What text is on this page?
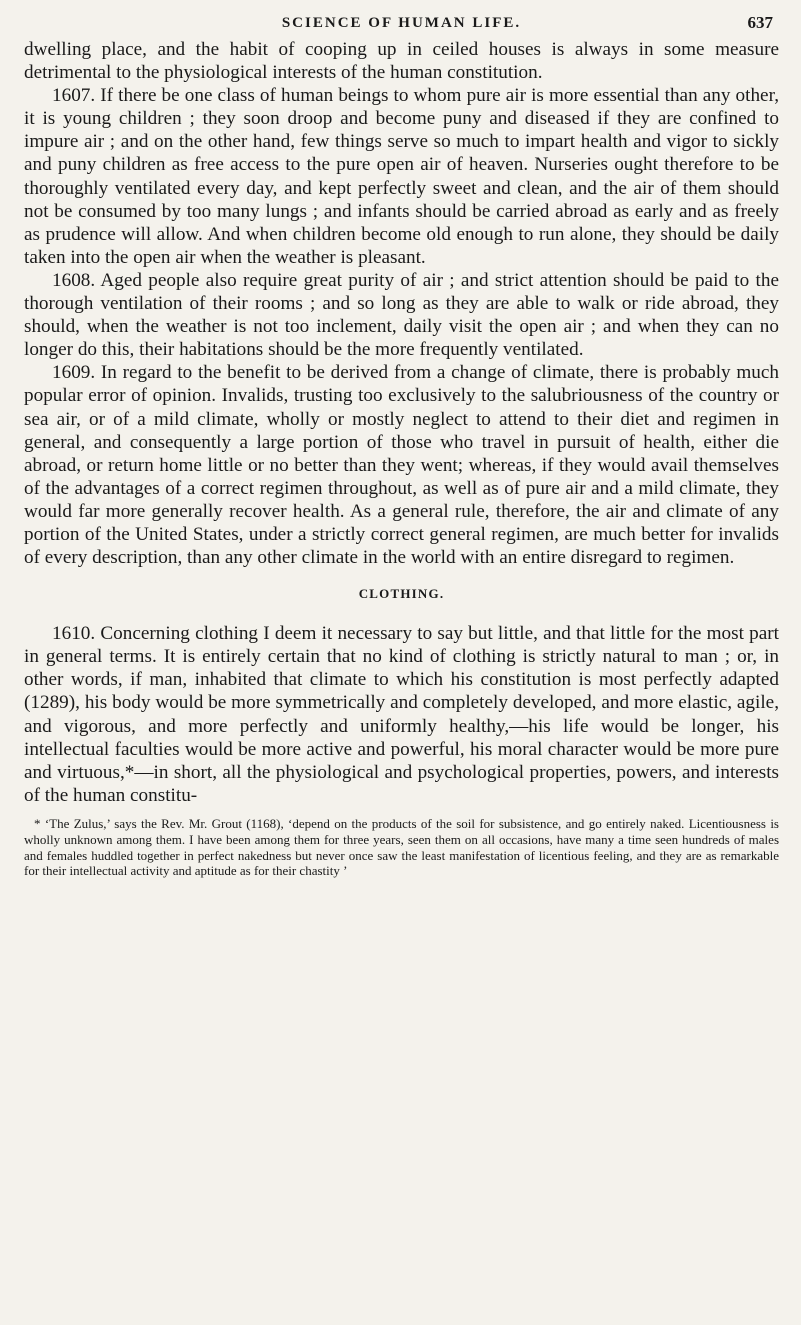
SCIENCE OF HUMAN LIFE.	637

dwelling place, and the habit of cooping up in ceiled houses is always in some measure detrimental to the physiological interests of the human constitution.

1607. If there be one class of human beings to whom pure air is more essential than any other, it is young children ; they soon droop and become puny and diseased if they are confined to impure air ; and on the other hand, few things serve so much to impart health and vigor to sickly and puny children as free access to the pure open air of heaven. Nurseries ought therefore to be thoroughly ventilated every day, and kept perfectly sweet and clean, and the air of them should not be consumed by too many lungs ; and infants should be carried abroad as early and as freely as prudence will allow. And when children become old enough to run alone, they should be daily taken into the open air when the weather is pleasant.

1608. Aged people also require great purity of air ; and strict attention should be paid to the thorough ventilation of their rooms ; and so long as they are able to walk or ride abroad, they should, when the weather is not too inclement, daily visit the open air ; and when they can no longer do this, their habitations should be the more frequently ventilated.

1609. In regard to the benefit to be derived from a change of climate, there is probably much popular error of opinion. Invalids, trusting too exclusively to the salubriousness of the country or sea air, or of a mild climate, wholly or mostly neglect to attend to their diet and regimen in general, and consequently a large portion of those who travel in pursuit of health, either die abroad, or return home little or no better than they went; whereas, if they would avail themselves of the advantages of a correct regimen throughout, as well as of pure air and a mild climate, they would far more generally recover health. As a general rule, therefore, the air and climate of any portion of the United States, under a strictly correct general regimen, are much better for invalids of every description, than any other climate in the world with an entire disregard to regimen.

CLOTHING.

1610. Concerning clothing I deem it necessary to say but little, and that little for the most part in general terms. It is entirely certain that no kind of clothing is strictly natural to man ; or, in other words, if man, inhabited that climate to which his constitution is most perfectly adapted (1289), his body would be more symmetrically and completely developed, and more elastic, agile, and vigorous, and more perfectly and uniformly healthy,—his life would be longer, his intellectual faculties would be more active and powerful, his moral character would be more pure and virtuous,*—in short, all the physiological and psychological properties, powers, and interests of the human constitu-

* ‘The Zulus,’ says the Rev. Mr. Grout (1168), ‘depend on the products of the soil for subsistence, and go entirely naked. Licentiousness is wholly unknown among them. I have been among them for three years, seen them on all occasions, have many a time seen hundreds of males and females huddled together in perfect nakedness but never once saw the least manifestation of licentious feeling, and they are as remarkable for their intellectual activity and aptitude as for their chastity ’
